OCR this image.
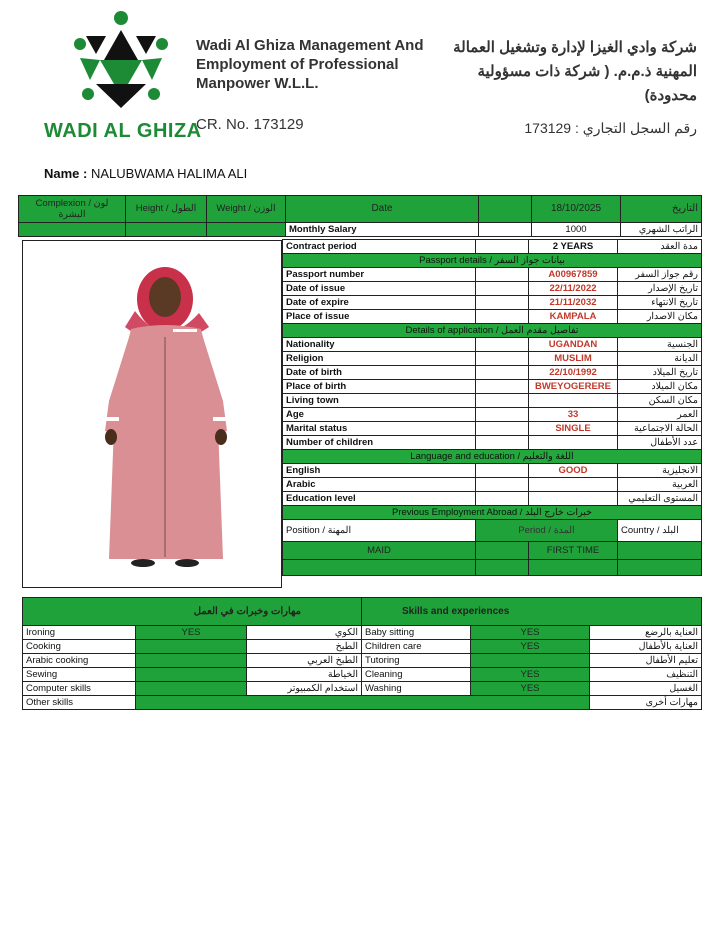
WADI AL GHIZA
Wadi Al Ghiza Management And
Employment of Professional
Manpower W.L.L.
CR. No. 173129
شركة وادي الغيزا لإدارة وتشغيل العمالة
المهنية ذ.م.م. ( شركة ذات مسؤولية
محدودة)
رقم السجل التجاري : 173129
Name : NALUBWAMA HALIMA ALI
Complexion / لون البشرة	Height / الطول	Weight / الوزن	Date		18/10/2025	التاريخ
			Monthly Salary		1000	الراتب الشهري
Contract period		2 YEARS	مدة العقد
Passport details / بيانات جواز السفر			
Passport number		A00967859	رقم جواز السفر
Date of issue		22/11/2022	تاريخ الإصدار
Date of expire		21/11/2032	تاريخ الانتهاء
Place of issue		KAMPALA	مكان الاصدار
Details of application / تفاصيل مقدم العمل			
Nationality		UGANDAN	الجنسية
Religion		MUSLIM	الديانة
Date of birth		22/10/1992	تاريخ الميلاد
Place of birth		BWEYOGERERE	مكان الميلاد
Living town			مكان السكن
Age		33	العمر
Marital status		SINGLE	الحالة الاجتماعية
Number of children			عدد الأطفال
Language and education / اللغة والتعليم			
English		GOOD	الانجليزية
Arabic			العربية
Education level			المستوى التعليمي
Previous Employment Abroad / خبرات خارج البلد			
Position / المهنة	Period / المدة		Country / البلد
MAID		FIRST TIME	

مهارات وخبرات في العمل			Skills and experiences		
Ironing	YES	الكوي	Baby sitting	YES	العناية بالرضع
Cooking		الطبخ	Children care	YES	العناية بالأطفال
Arabic cooking		الطبخ العربي	Tutoring		تعليم الأطفال
Sewing		الخياطة	Cleaning	YES	التنظيف
Computer skills		استخدام الكمبيوتر	Washing	YES	الغسيل
Other skills					مهارات أخرى
